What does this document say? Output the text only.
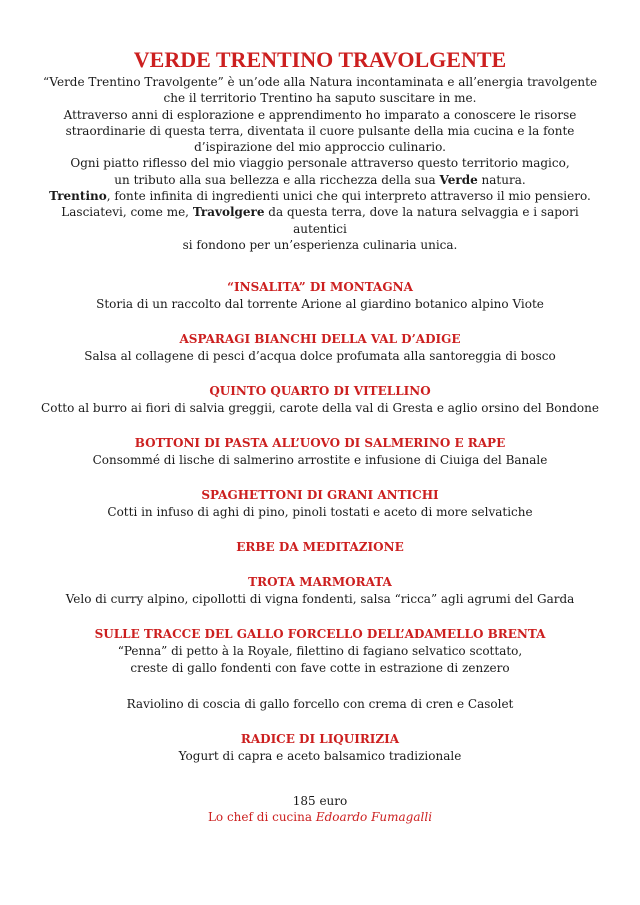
VERDE TRENTINO TRAVOLGENTE

“Verde Trentino Travolgente” è un’ode alla Natura incontaminata e all’energia travolgente

che il territorio Trentino ha saputo suscitare in me.

Attraverso anni di esplorazione e apprendimento ho imparato a conoscere le risorse

straordinarie di questa terra, diventata il cuore pulsante della mia cucina e la fonte

d’ispirazione del mio approccio culinario.

Ogni piatto riflesso del mio viaggio personale attraverso questo territorio magico,

un tributo alla sua bellezza e alla ricchezza della sua Verde natura.

Trentino, fonte infinita di ingredienti unici che qui interpreto attraverso il mio pensiero.

Lasciatevi, come me, Travolgere da questa terra, dove la natura selvaggia e i sapori autentici

si fondono per un’esperienza culinaria unica.

“INSALITA” DI MONTAGNA
Storia di un raccolto dal torrente Arione al giardino botanico alpino Viote
ASPARAGI BIANCHI DELLA VAL D’ADIGE
Salsa al collagene di pesci d’acqua dolce profumata alla santoreggia di bosco
QUINTO QUARTO DI VITELLINO
Cotto al burro ai fiori di salvia greggii, carote della val di Gresta e aglio orsino del Bondone
BOTTONI DI PASTA ALL’UOVO DI SALMERINO E RAPE
Consommé di lische di salmerino arrostite e infusione di Ciuiga del Banale
SPAGHETTONI DI GRANI ANTICHI
Cotti in infuso di aghi di pino, pinoli tostati e aceto di more selvatiche
ERBE DA MEDITAZIONE
TROTA MARMORATA
Velo di curry alpino, cipollotti di vigna fondenti, salsa “ricca” agli agrumi del Garda
SULLE TRACCE DEL GALLO FORCELLO DELL’ADAMELLO BRENTA
“Penna” di petto à la Royale, filettino di fagiano selvatico scottato,
creste di gallo fondenti con fave cotte in estrazione di zenzero
Raviolino di coscia di gallo forcello con crema di cren e Casolet
RADICE DI LIQUIRIZIA
Yogurt di capra e aceto balsamico tradizionale
185 euro
Lo chef di cucina Edoardo Fumagalli
